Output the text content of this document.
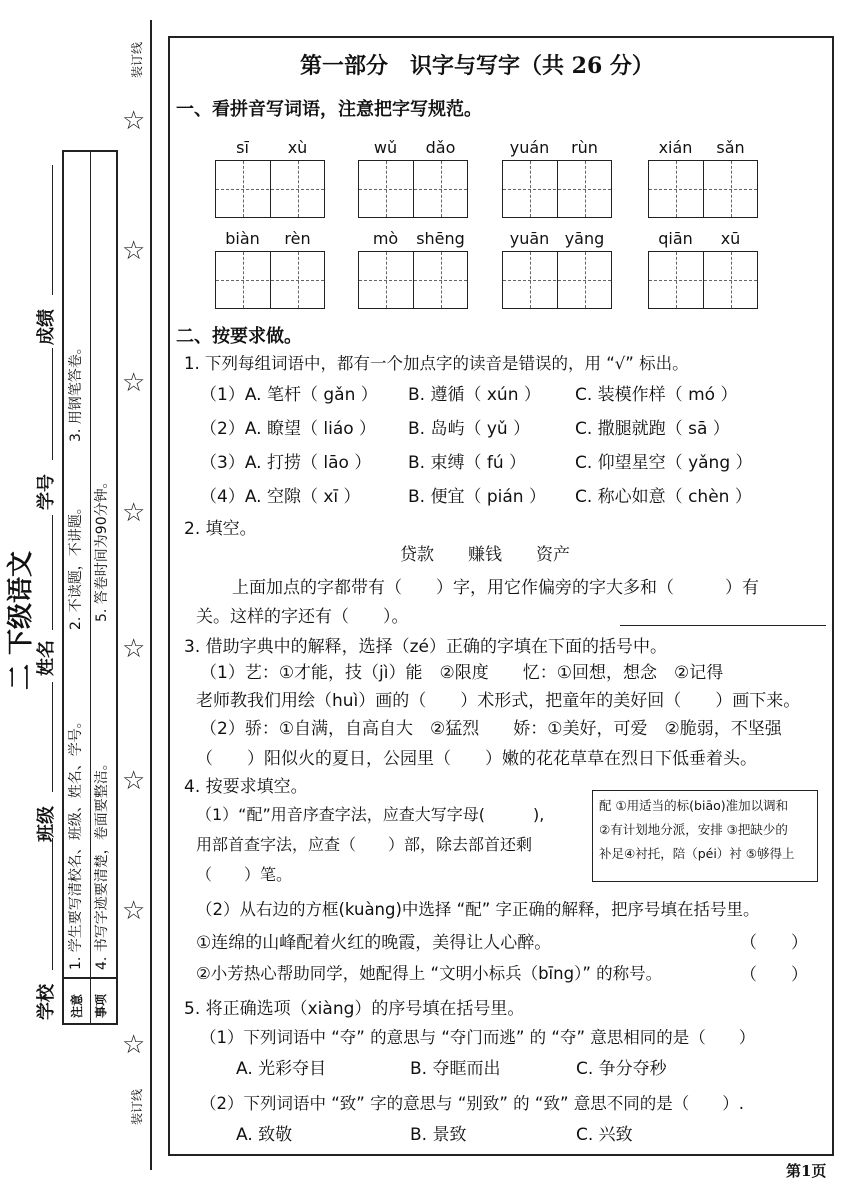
装订线
装订线
☆
☆
☆
☆
☆
☆
☆
☆
注意 事项
1. 学生要写清校名、班级、姓名、学号。
2. 不读题，不讲题。
3. 用钢笔答卷。
4. 书写字迹要清楚，卷面要整洁。
5. 答卷时间为90分钟。
学校
班级
姓名
学号
成绩
二 下级语文
第一部分　识字与写字（共 26 分）
一、看拼音写词语，注意把字写规范。
sī	xù	wǔ	dǎo	yuán	rùn	xián	sǎn
biàn	rèn	mò	shēng	yuān yāng	qiān	xū
二、按要求做。
1. 下列每组词语中，都有一个加点字的读音是错误的，用 “√” 标出。
（1）A. 笔杆（ gǎn ） B. 遵循（ xún ） C. 装模作样（ mó ）
（2）A. 瞭望（ liáo ） B. 岛屿（ yǔ ）	C. 撒腿就跑（ sā ）
（3）A. 打捞（ lāo ） B. 束缚（ fú ）	C. 仰望星空（ yǎng ）
（4）A. 空隙（ xī ）	B. 便宜（ pián ） C. 称心如意（ chèn ）
2. 填空。
贷款　　赚钱　　资产
上面加点的字都带有（　　）字，用它作偏旁的字大多和（　　　）有
关。这样的字还有（　　）。
3. 借助字典中的解释，选择（zé）正确的字填在下面的括号中。
（1）艺：①才能，技（jì）能　②限度　　忆：①回想，想念　②记得
老师教我们用绘（huì）画的（　　）术形式，把童年的美好回（　　）画下来。
（2）骄：①自满，自高自大　②猛烈　　娇：①美好，可爱　②脆弱，不坚强
（　　）阳似火的夏日，公园里（　　）嫩的花花草草在烈日下低垂着头。
4. 按要求填空。
（1）“配”用音序查字法，应查大写字母(　　　),
用部首查字法，应查（　　）部，除去部首还剩
（　　）笔。
配 ①用适当的标(biāo)准加以调和
②有计划地分派，安排 ③把缺少的
补足④衬托，陪（péi）衬 ⑤够得上
（2）从右边的方框(kuàng)中选择 “配” 字正确的解释，把序号填在括号里。
①连绵的山峰配着火红的晚霞，美得让人心醉。	（　　）
②小芳热心帮助同学，她配得上 “文明小标兵（bīng）” 的称号。	（　　）
5. 将正确选项（xiàng）的序号填在括号里。
（1）下列词语中 “夺” 的意思与 “夺门而逃” 的 “夺” 意思相同的是（　　）
A. 光彩夺目	B. 夺眶而出	C. 争分夺秒
（2）下列词语中 “致” 字的意思与 “别致” 的 “致” 意思不同的是（　　）.
A. 致敬	B. 景致	C. 兴致
第1页
